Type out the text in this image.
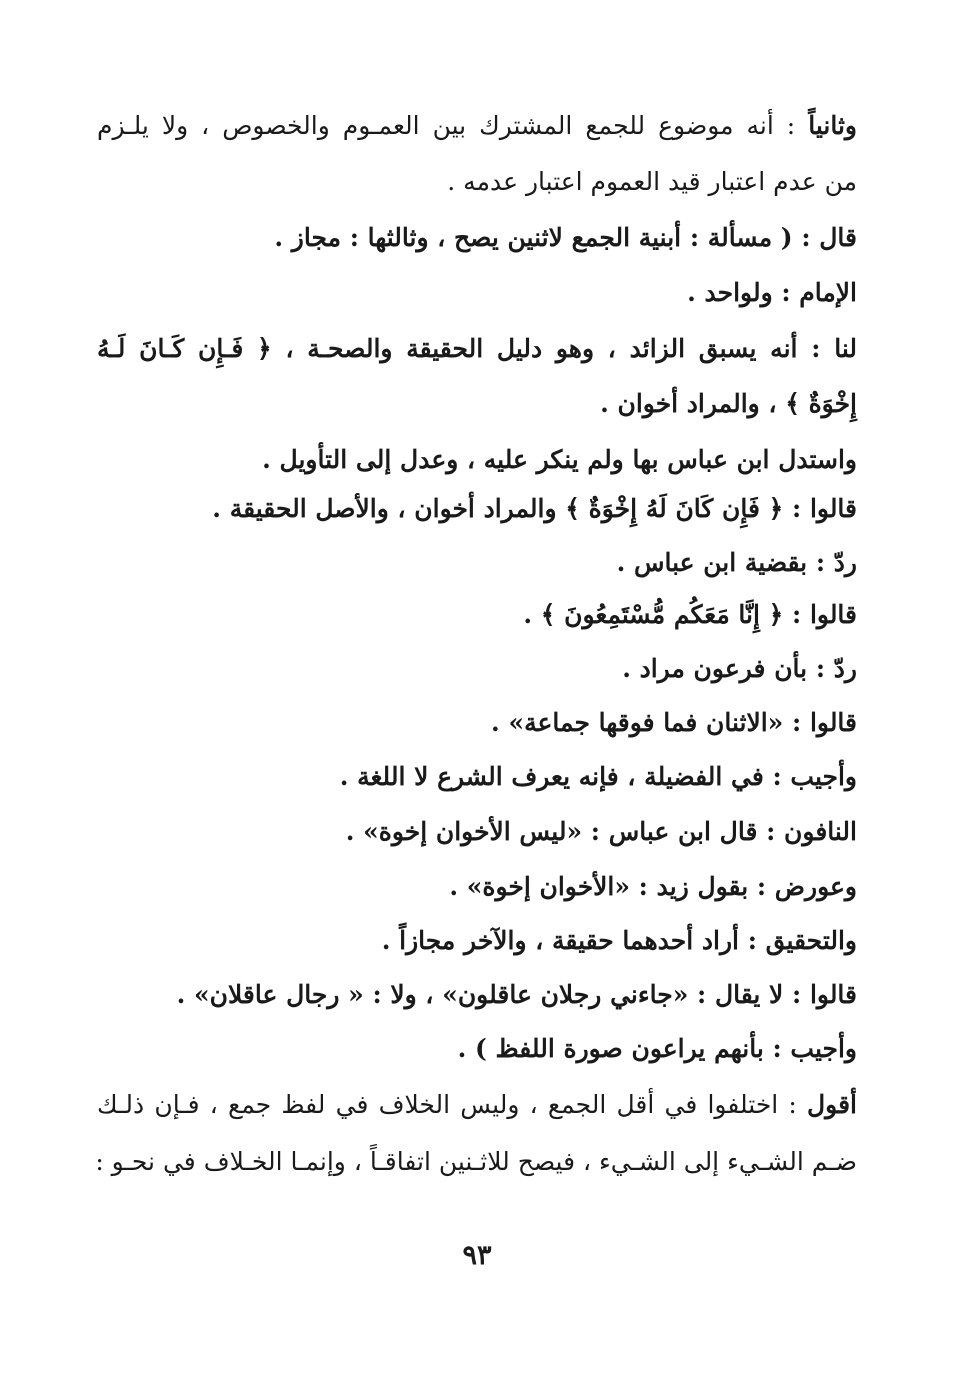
وثانياً : أنه موضوع للجمع المشترك بين العمـوم والخصوص ، ولا يلـزم
من عدم اعتبار قيد العموم اعتبار عدمه .
قال : ( مسألة : أبنية الجمع لاثنين يصح ، وثالثها : مجاز .
الإمام : ولواحد .
لنا : أنه يسبق الزائد ، وهو دليل الحقيقة والصحـة ، ﴿ فَـإِن كَـانَ لَـهُ
إِخْوَةٌ ﴾ ، والمراد أخوان .
واستدل ابن عباس بها ولم ينكر عليه ، وعدل إلى التأويل .
قالوا : ﴿ فَإِن كَانَ لَهُ إِخْوَةٌ ﴾ والمراد أخوان ، والأصل الحقيقة .
ردّ : بقضية ابن عباس .
قالوا : ﴿ إِنَّا مَعَكُم مُّسْتَمِعُونَ ﴾ .
ردّ : بأن فرعون مراد .
قالوا : «الاثنان فما فوقها جماعة» .
وأجيب : في الفضيلة ، فإنه يعرف الشرع لا اللغة .
النافون : قال ابن عباس : «ليس الأخوان إخوة» .
وعورض : بقول زيد : «الأخوان إخوة» .
والتحقيق : أراد أحدهما حقيقة ، والآخر مجازاً .
قالوا : لا يقال : «جاءني رجلان عاقلون» ، ولا : « رجال عاقلان» .
وأجيب : بأنهم يراعون صورة اللفظ ) .
أقول : اختلفوا في أقل الجمع ، وليس الخلاف في لفظ جمع ، فـإن ذلـك
ضـم الشـيء إلى الشـيء ، فيصح للاثـنين اتفاقـاً ، وإنمـا الخـلاف في نحـو :
٩٣
